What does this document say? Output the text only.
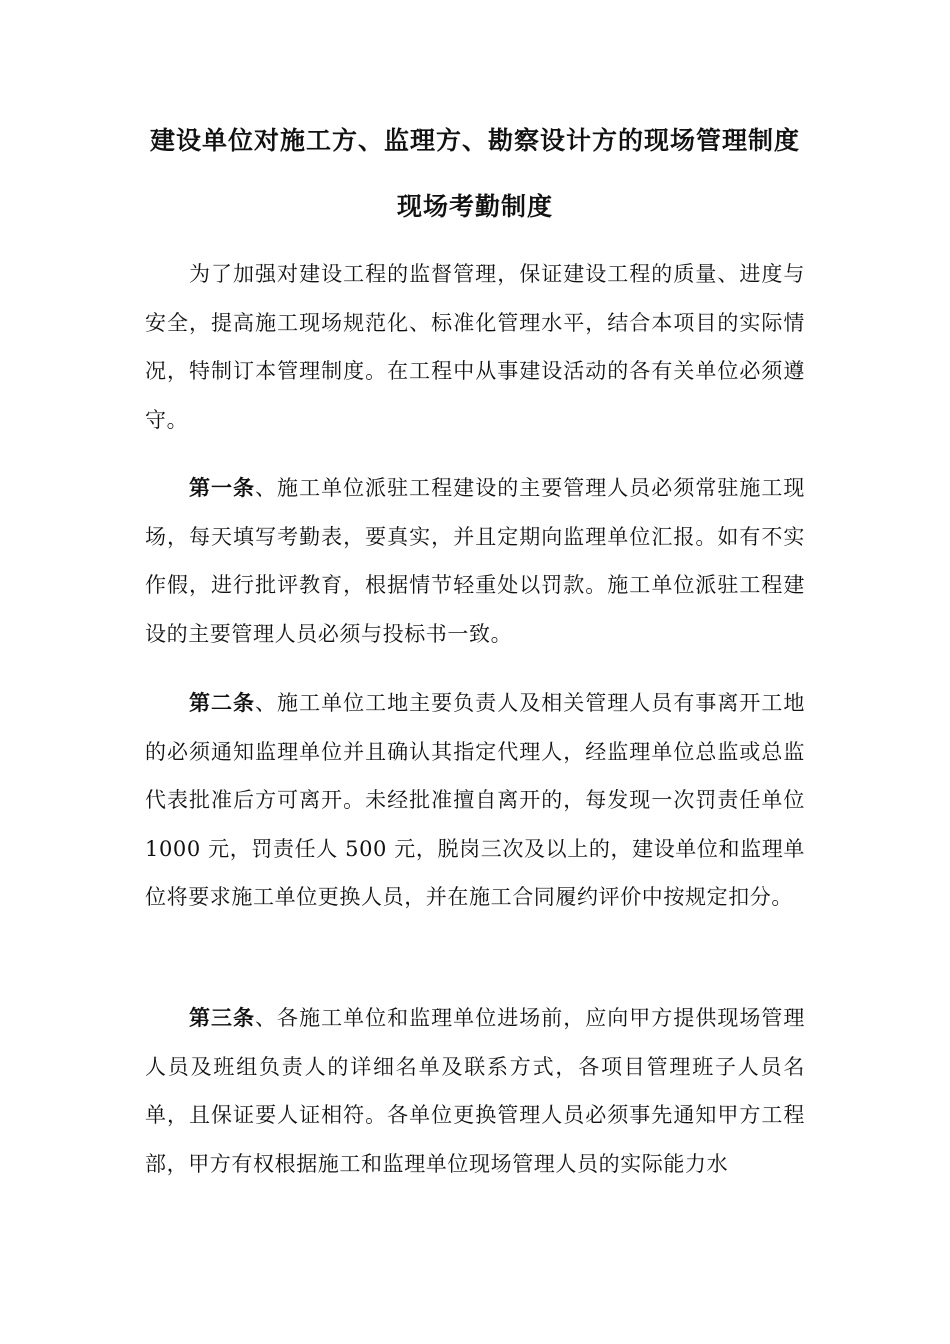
建设单位对施工方、监理方、勘察设计方的现场管理制度
现场考勤制度

为了加强对建设工程的监督管理，保证建设工程的质量、进度与安全，提高施工现场规范化、标准化管理水平，结合本项目的实际情况，特制订本管理制度。在工程中从事建设活动的各有关单位必须遵守。

第一条、施工单位派驻工程建设的主要管理人员必须常驻施工现场，每天填写考勤表，要真实，并且定期向监理单位汇报。如有不实作假，进行批评教育，根据情节轻重处以罚款。施工单位派驻工程建设的主要管理人员必须与投标书一致。

第二条、施工单位工地主要负责人及相关管理人员有事离开工地的必须通知监理单位并且确认其指定代理人，经监理单位总监或总监代表批准后方可离开。未经批准擅自离开的，每发现一次罚责任单位 1000 元，罚责任人 500 元，脱岗三次及以上的，建设单位和监理单位将要求施工单位更换人员，并在施工合同履约评价中按规定扣分。

第三条、各施工单位和监理单位进场前，应向甲方提供现场管理人员及班组负责人的详细名单及联系方式，各项目管理班子人员名单，且保证要人证相符。各单位更换管理人员必须事先通知甲方工程部，甲方有权根据施工和监理单位现场管理人员的实际能力水
